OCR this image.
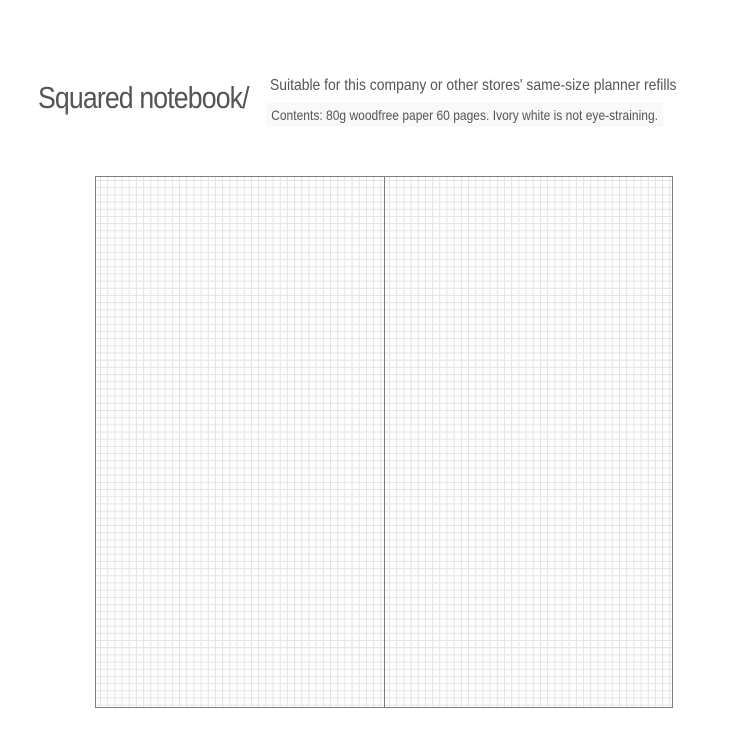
Squared notebook/ Suitable for this company or other stores' same-size planner refills
Contents: 80g woodfree paper 60 pages. Ivory white is not eye-straining.
